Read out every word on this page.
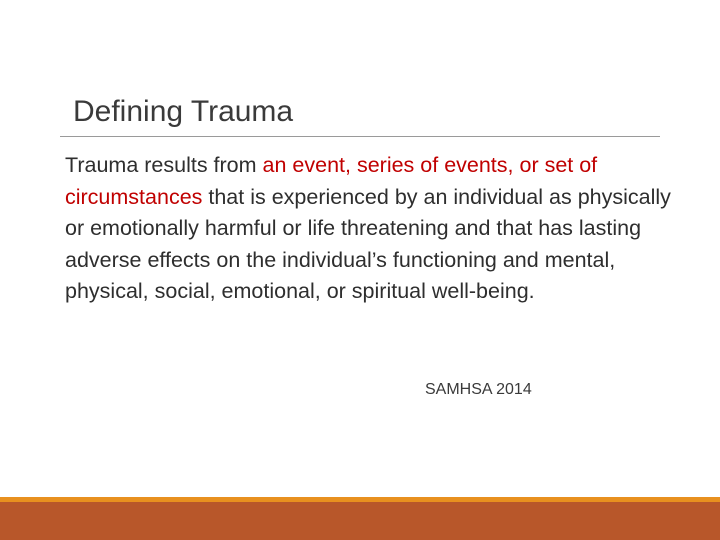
Defining Trauma
Trauma results from an event, series of events, or set of circumstances that is experienced by an individual as physically or emotionally harmful or life threatening and that has lasting adverse effects on the individual’s functioning and mental, physical, social, emotional, or spiritual well-being.
SAMHSA 2014
